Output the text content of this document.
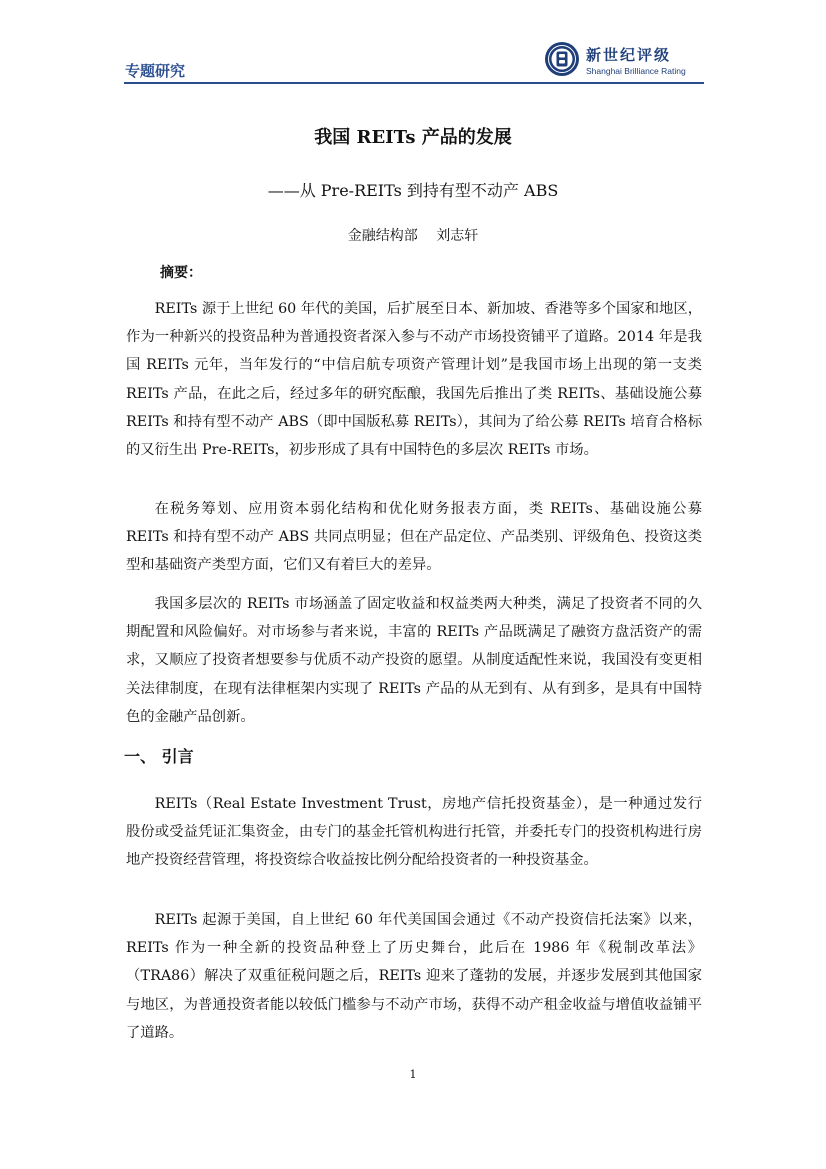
专题研究
新世纪评级
Shanghai Brilliance Rating
我国 REITs 产品的发展
——从 Pre-REITs 到持有型不动产 ABS
金融结构部 刘志轩
摘要：

REITs 源于上世纪 60 年代的美国，后扩展至日本、新加坡、香港等多个国家和地区，作为一种新兴的投资品种为普通投资者深入参与不动产市场投资铺平了道路。2014 年是我国 REITs 元年，当年发行的“中信启航专项资产管理计划”是我国市场上出现的第一支类 REITs 产品，在此之后，经过多年的研究酝酿，我国先后推出了类 REITs、基础设施公募 REITs 和持有型不动产 ABS（即中国版私募 REITs），其间为了给公募 REITs 培育合格标的又衍生出 Pre-REITs，初步形成了具有中国特色的多层次 REITs 市场。

在税务筹划、应用资本弱化结构和优化财务报表方面，类 REITs、基础设施公募 REITs 和持有型不动产 ABS 共同点明显；但在产品定位、产品类别、评级角色、投资这类型和基础资产类型方面，它们又有着巨大的差异。

我国多层次的 REITs 市场涵盖了固定收益和权益类两大种类，满足了投资者不同的久期配置和风险偏好。对市场参与者来说，丰富的 REITs 产品既满足了融资方盘活资产的需求，又顺应了投资者想要参与优质不动产投资的愿望。从制度适配性来说，我国没有变更相关法律制度，在现有法律框架内实现了 REITs 产品的从无到有、从有到多，是具有中国特色的金融产品创新。

一、 引言

REITs（Real Estate Investment Trust，房地产信托投资基金），是一种通过发行股份或受益凭证汇集资金，由专门的基金托管机构进行托管，并委托专门的投资机构进行房地产投资经营管理，将投资综合收益按比例分配给投资者的一种投资基金。

REITs 起源于美国，自上世纪 60 年代美国国会通过《不动产投资信托法案》以来，REITs 作为一种全新的投资品种登上了历史舞台，此后在 1986 年《税制改革法》（TRA86）解决了双重征税问题之后，REITs 迎来了蓬勃的发展，并逐步发展到其他国家与地区，为普通投资者能以较低门槛参与不动产市场，获得不动产租金收益与增值收益铺平了道路。

1
